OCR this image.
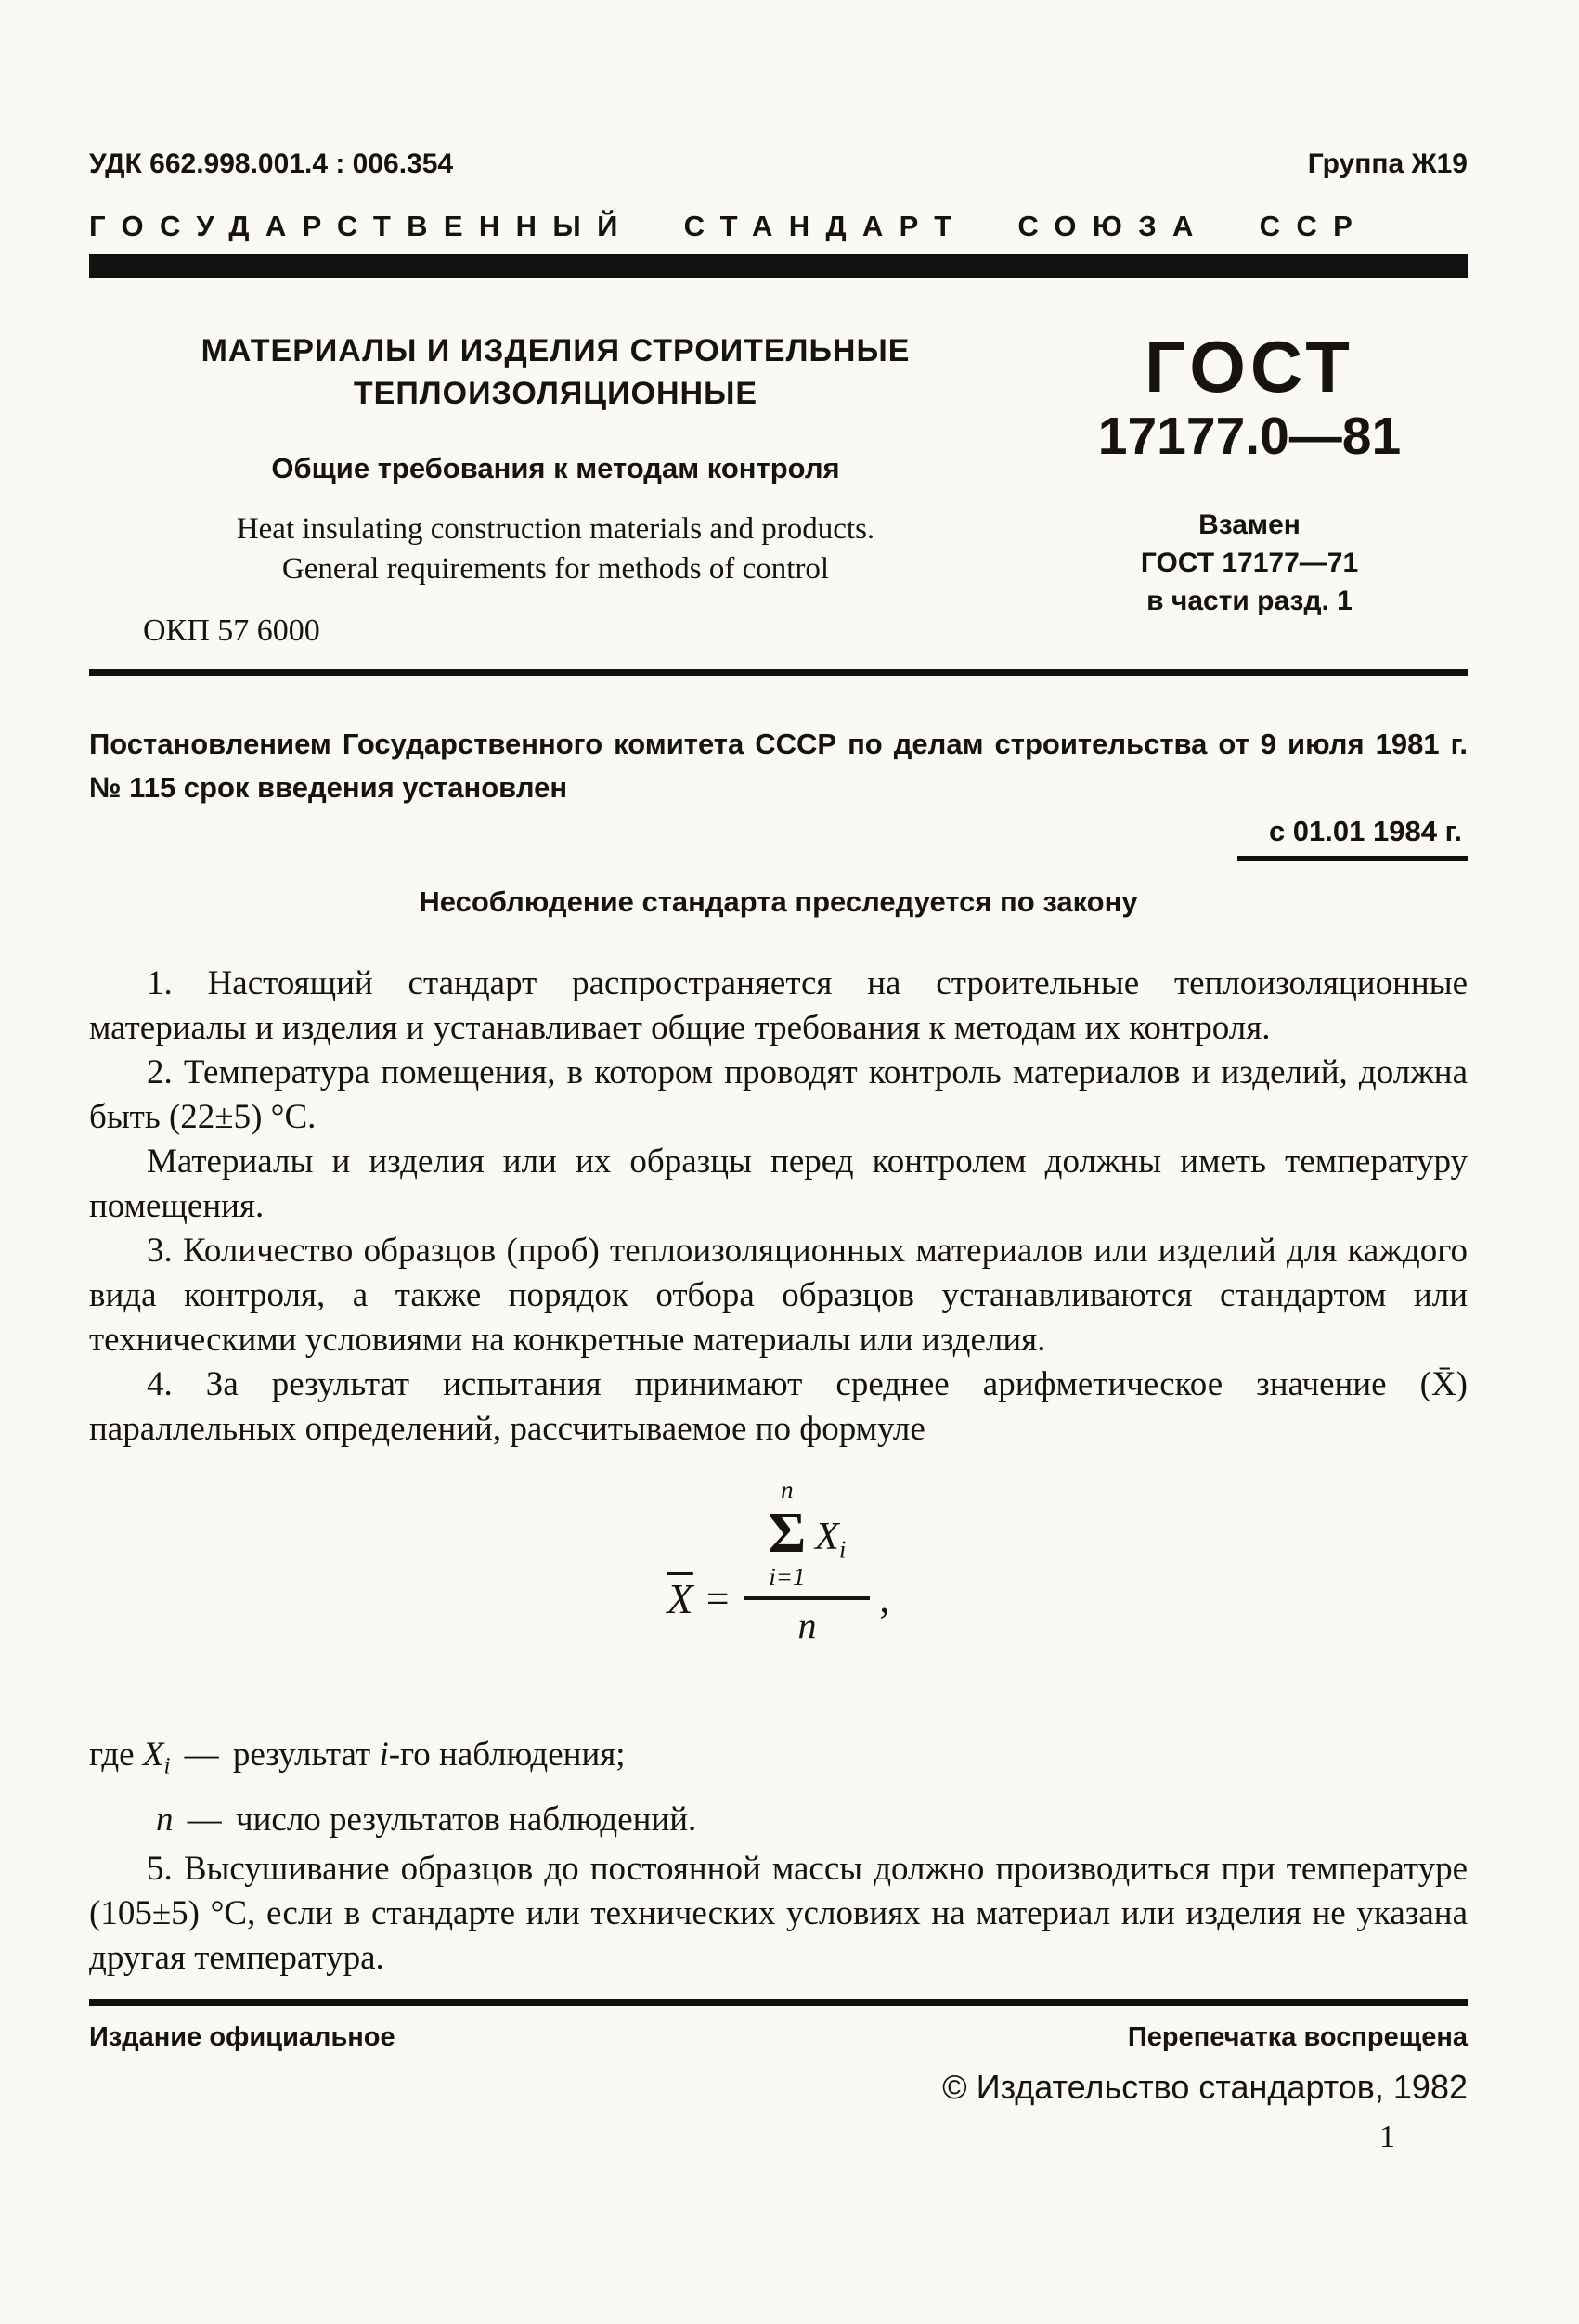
УДК 662.998.001.4 : 006.354	Группа Ж19
ГОСУДАРСТВЕННЫЙ СТАНДАРТ СОЮЗА ССР
МАТЕРИАЛЫ И ИЗДЕЛИЯ СТРОИТЕЛЬНЫЕ
ТЕПЛОИЗОЛЯЦИОННЫЕ
Общие требования к методам контроля
Heat insulating construction materials and products.
General requirements for methods of control
ОКП 57 6000
ГОСТ
17177.0—81
Взамен
ГОСТ 17177—71
в части разд. 1
Постановлением Государственного комитета СССР по делам строительства от 9 июля 1981 г. № 115 срок введения установлен
с 01.01 1984 г.
Несоблюдение стандарта преследуется по закону

1. Настоящий стандарт распространяется на строительные теплоизоляционные материалы и изделия и устанавливает общие требования к методам их контроля.

2. Температура помещения, в котором проводят контроль материалов и изделий, должна быть (22±5) °С.

Материалы и изделия или их образцы перед контролем должны иметь температуру помещения.

3. Количество образцов (проб) теплоизоляционных материалов или изделий для каждого вида контроля, а также порядок отбора образцов устанавливаются стандартом или техническими условиями на конкретные материалы или изделия.

4. За результат испытания принимают среднее арифметическое значение (X̄) параллельных определений, рассчитываемое по формуле

$\overline{X} = n$
Σ
i=1
$X_i$
n ,
где $X_i$ — результат i-го наблюдения;
n — число результатов наблюдений.

5. Высушивание образцов до постоянной массы должно производиться при температуре (105±5) °С, если в стандарте или технических условиях на материал или изделия не указана другая температура.

Издание официальное	Перепечатка воспрещена
© Издательство стандартов, 1982
1
